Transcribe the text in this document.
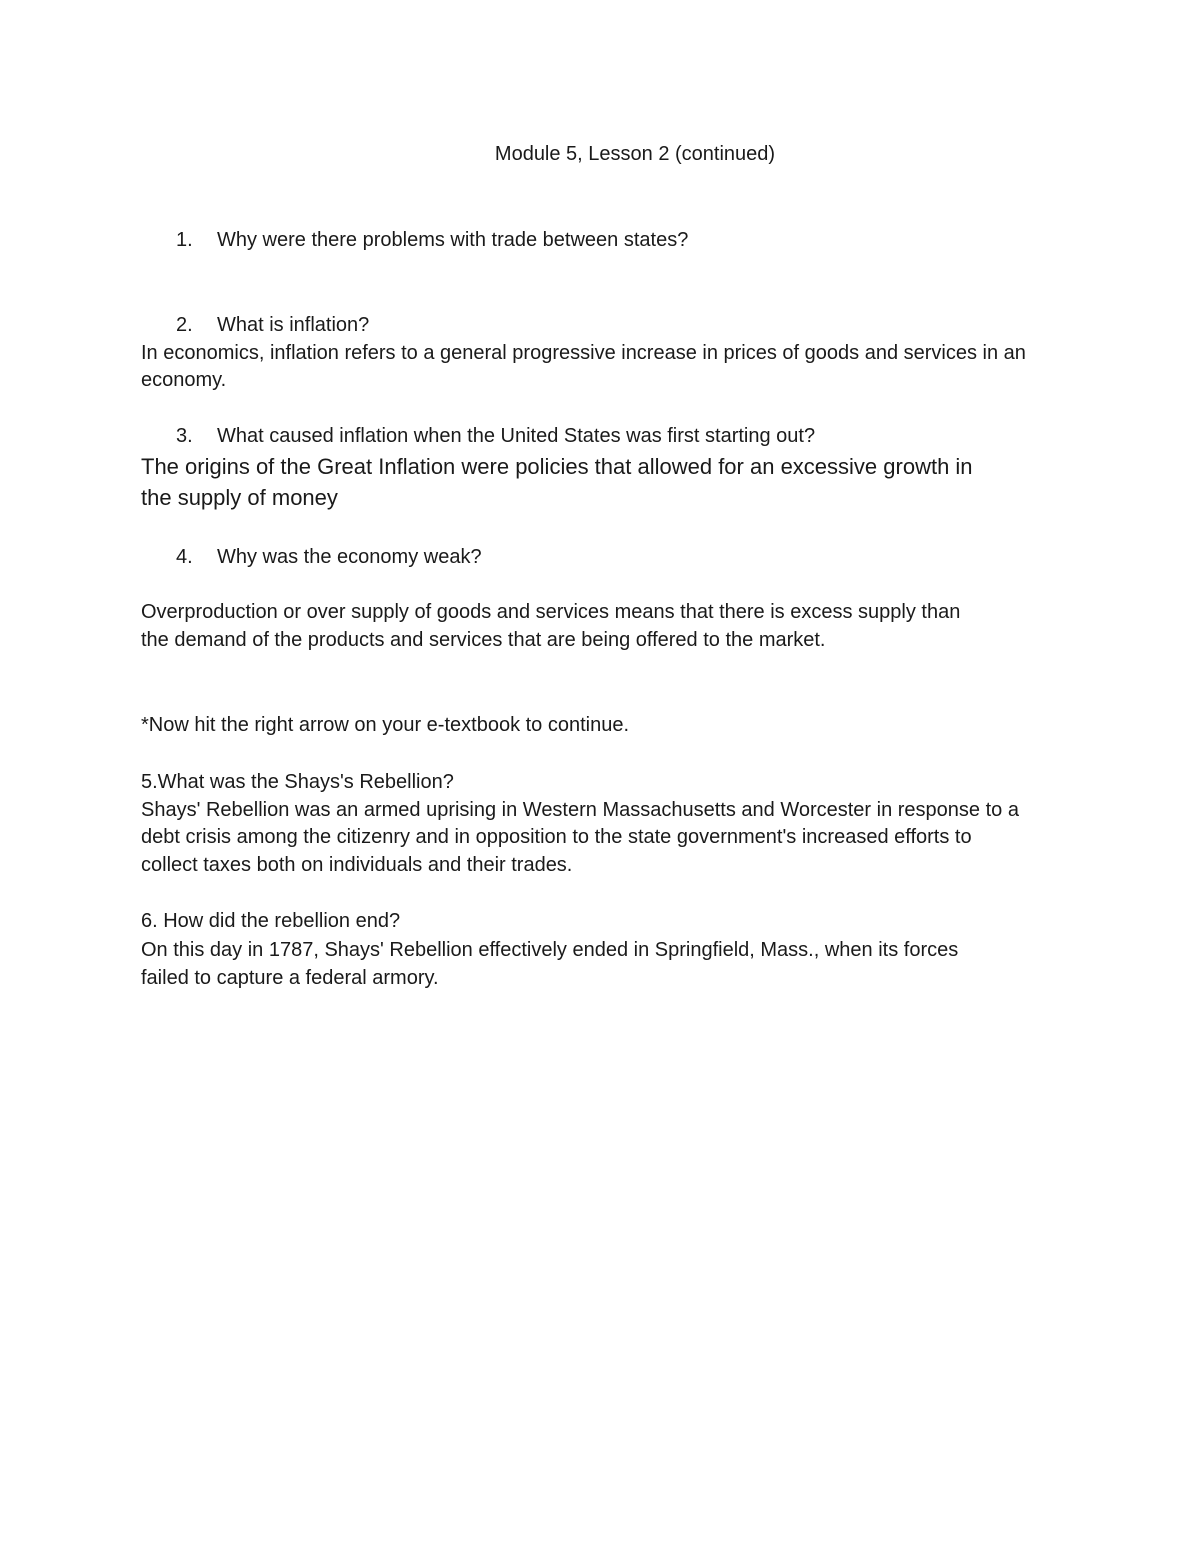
Module 5, Lesson 2 (continued)
1. Why were there problems with trade between states?
2. What is inflation?
In economics, inflation refers to a general progressive increase in prices of goods and services in an
economy.
3. What caused inflation when the United States was first starting out?
The origins of the Great Inflation were policies that allowed for an excessive growth in
the supply of money
4. Why was the economy weak?
Overproduction or over supply of goods and services means that there is excess supply than
the demand of the products and services that are being offered to the market.
*Now hit the right arrow on your e-textbook to continue.
5.What was the Shays's Rebellion?
Shays' Rebellion was an armed uprising in Western Massachusetts and Worcester in response to a
debt crisis among the citizenry and in opposition to the state government's increased efforts to
collect taxes both on individuals and their trades.
6. How did the rebellion end?
On this day in 1787, Shays' Rebellion effectively ended in Springfield, Mass., when its forces
failed to capture a federal armory.
